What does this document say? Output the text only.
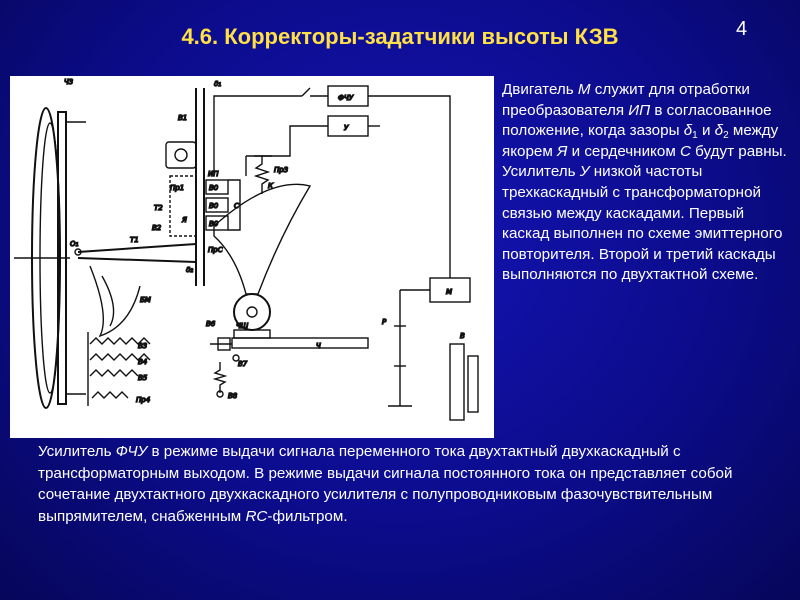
4.6. Корректоры-задатчики высоты КЗВ	4
Ч3
О₁	Т1
БМ
В1
δ₁
δ₂
Пр1
Т2
В2
Я
ПрС
ИП
В0
В0
В0
С
Пр3
К
ФЧУ
У
М
Р
В
В6	ЧШ
Ч
В7
В8
В3
В4
В5
Пр4
Двигатель М служит для отработки преобразователя ИП в согласованное положение, когда зазоры $\delta_1$ и $\delta_2$ между якорем Я и сердечником С будут равны. Усилитель У низкой частоты трехкаскадный с трансформаторной связью между каскадами. Первый каскад выполнен по схеме эмиттерного повторителя. Второй и третий каскады выполняются по двухтактной схеме.
Усилитель ФЧУ в режиме выдачи сигнала переменного тока двухтактный двухкаскадный с трансформаторным выходом. В режиме выдачи сигнала постоянного тока он представляет собой сочетание двухтактного двухкаскадного усилителя с полупроводниковым фазочувствительным выпрямителем, снабженным RC-фильтром.
